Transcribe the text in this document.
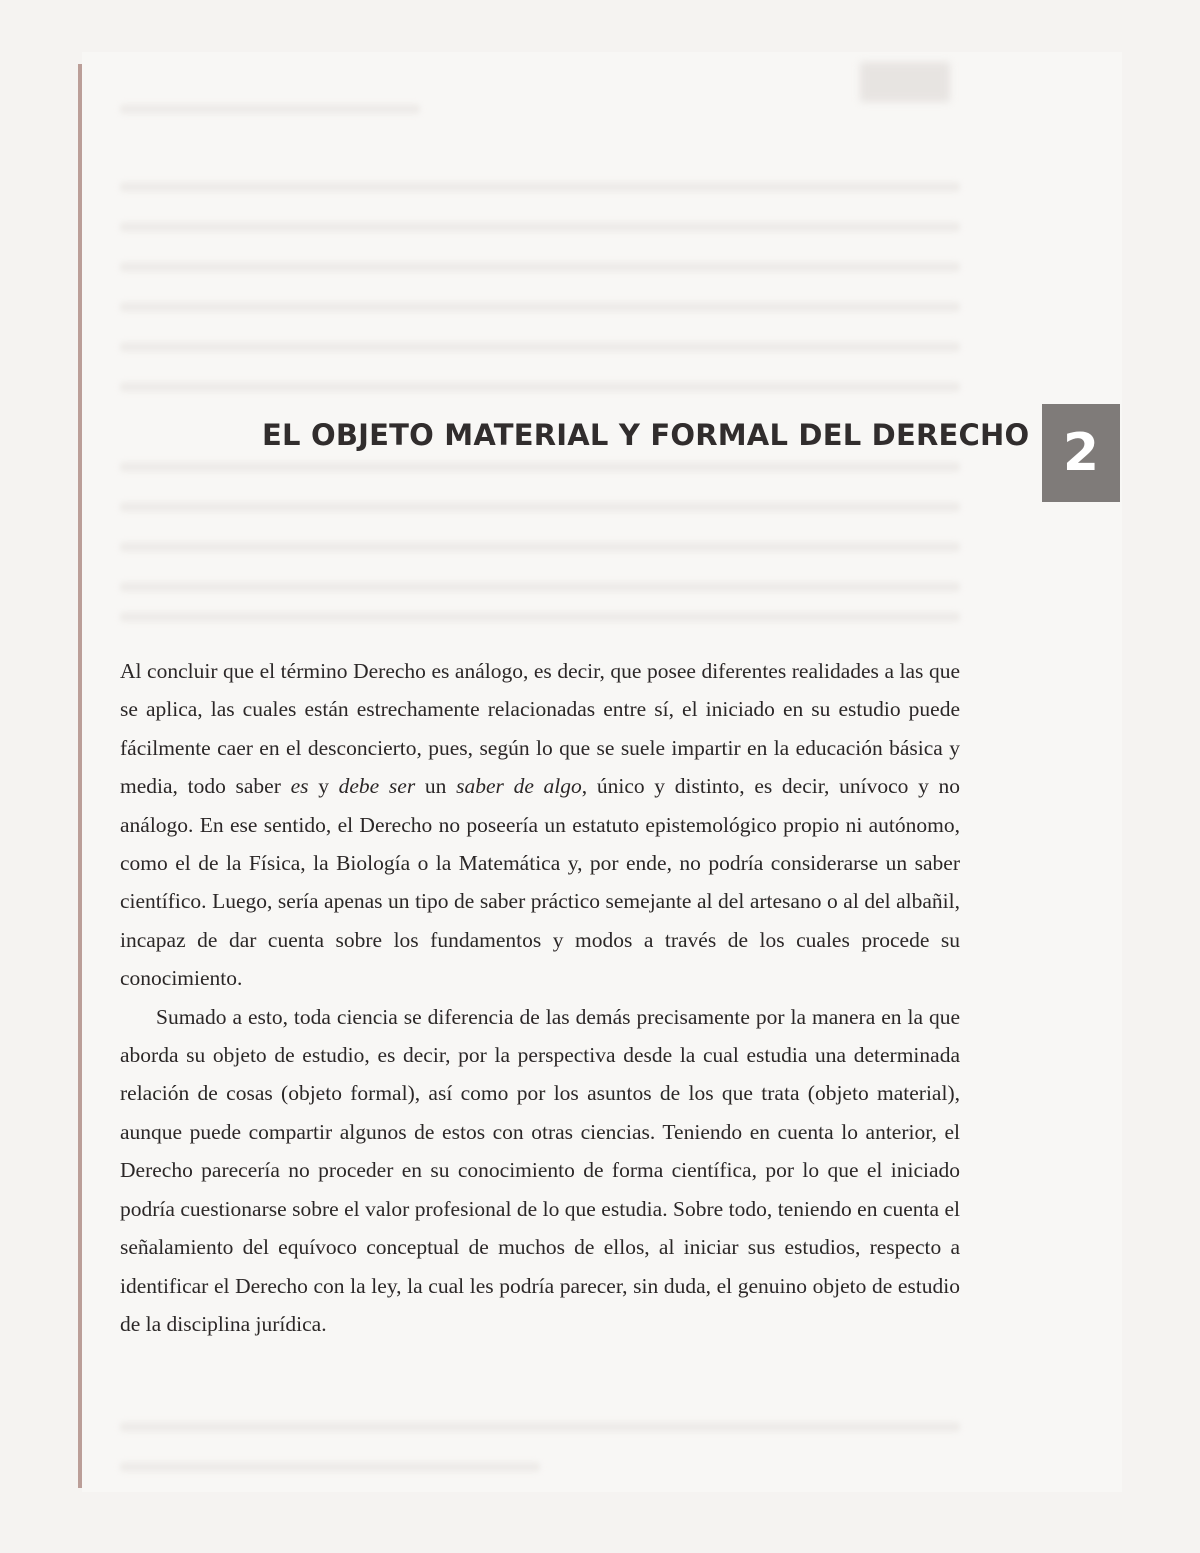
EL OBJETO MATERIAL Y FORMAL DEL DERECHO 2

Al concluir que el término Derecho es análogo, es decir, que posee diferentes realidades a las que se aplica, las cuales están estrechamente relacionadas entre sí, el iniciado en su estudio puede fácilmente caer en el desconcierto, pues, según lo que se suele impartir en la educación básica y media, todo saber es y debe ser un saber de algo, único y distinto, es decir, unívoco y no análogo. En ese sentido, el Derecho no poseería un estatuto epistemológico propio ni autónomo, como el de la Física, la Biología o la Matemática y, por ende, no podría considerarse un saber científico. Luego, sería apenas un tipo de saber práctico semejante al del artesano o al del albañil, incapaz de dar cuenta sobre los fundamentos y modos a través de los cuales procede su conocimiento.

Sumado a esto, toda ciencia se diferencia de las demás precisamente por la manera en la que aborda su objeto de estudio, es decir, por la perspectiva desde la cual estudia una determinada relación de cosas (objeto formal), así como por los asuntos de los que trata (objeto material), aunque puede compartir algunos de estos con otras ciencias. Teniendo en cuenta lo anterior, el Derecho parecería no proceder en su conocimiento de forma científica, por lo que el iniciado podría cuestionarse sobre el valor profesional de lo que estudia. Sobre todo, teniendo en cuenta el señalamiento del equívoco conceptual de muchos de ellos, al iniciar sus estudios, respecto a identificar el Derecho con la ley, la cual les podría parecer, sin duda, el genuino objeto de estudio de la disciplina jurídica.
